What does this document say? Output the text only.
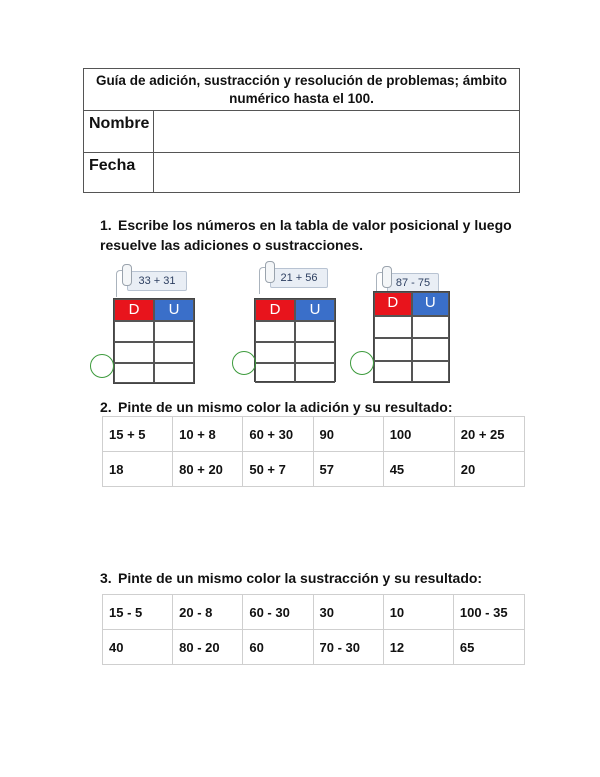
Guía de adición, sustracción y resolución de problemas; ámbito numérico hasta el 100.
Nombre
Fecha
1. Escribe los números en la tabla de valor posicional y luego resuelve las adiciones o sustracciones.
33 + 31
D	U
21 + 56
D	U
87 - 75
D	U
2. Pinte de un mismo color la adición y su resultado:
15 + 5	10 + 8	60 + 30	90	100	20 + 25
18	80 + 20	50 + 7	57	45	20
3. Pinte de un mismo color la sustracción y su resultado:
15 - 5	20 - 8	60 - 30	30	10	100 - 35
40	80 - 20	60	70 - 30	12	65
